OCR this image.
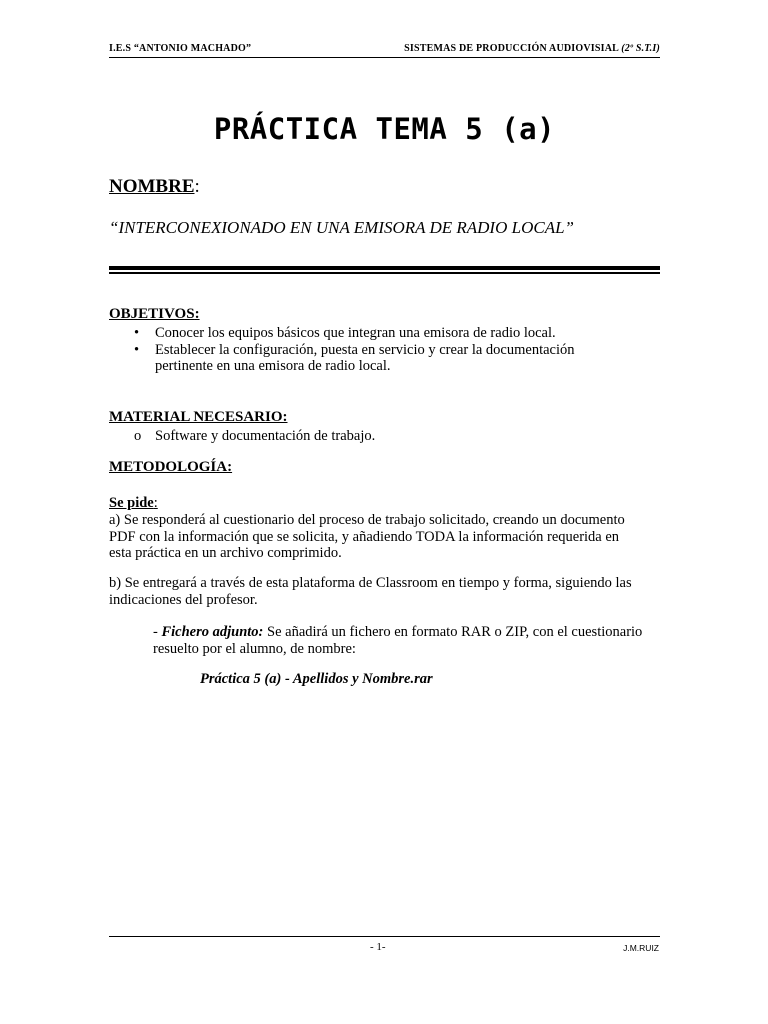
I.E.S “ANTONIO MACHADO”	SISTEMAS DE PRODUCCIÓN AUDIOVISIAL (2º S.T.I)
PRÁCTICA TEMA 5 (a)
NOMBRE:
“INTERCONEXIONADO EN UNA EMISORA DE RADIO LOCAL”
OBJETIVOS:
• Conocer los equipos básicos que integran una emisora de radio local.
• Establecer la configuración, puesta en servicio y crear la documentación pertinente en una emisora de radio local.
MATERIAL NECESARIO:
o Software y documentación de trabajo.
METODOLOGÍA:
Se pide:
a) Se responderá al cuestionario del proceso de trabajo solicitado, creando un documento PDF con la información que se solicita, y añadiendo TODA la información requerida en esta práctica en un archivo comprimido.
b) Se entregará a través de esta plataforma de Classroom en tiempo y forma, siguiendo las indicaciones del profesor.
- Fichero adjunto: Se añadirá un fichero en formato RAR o ZIP, con el cuestionario resuelto por el alumno, de nombre:
Práctica 5 (a) - Apellidos y Nombre.rar
- 1-	J.M.RUIZ
